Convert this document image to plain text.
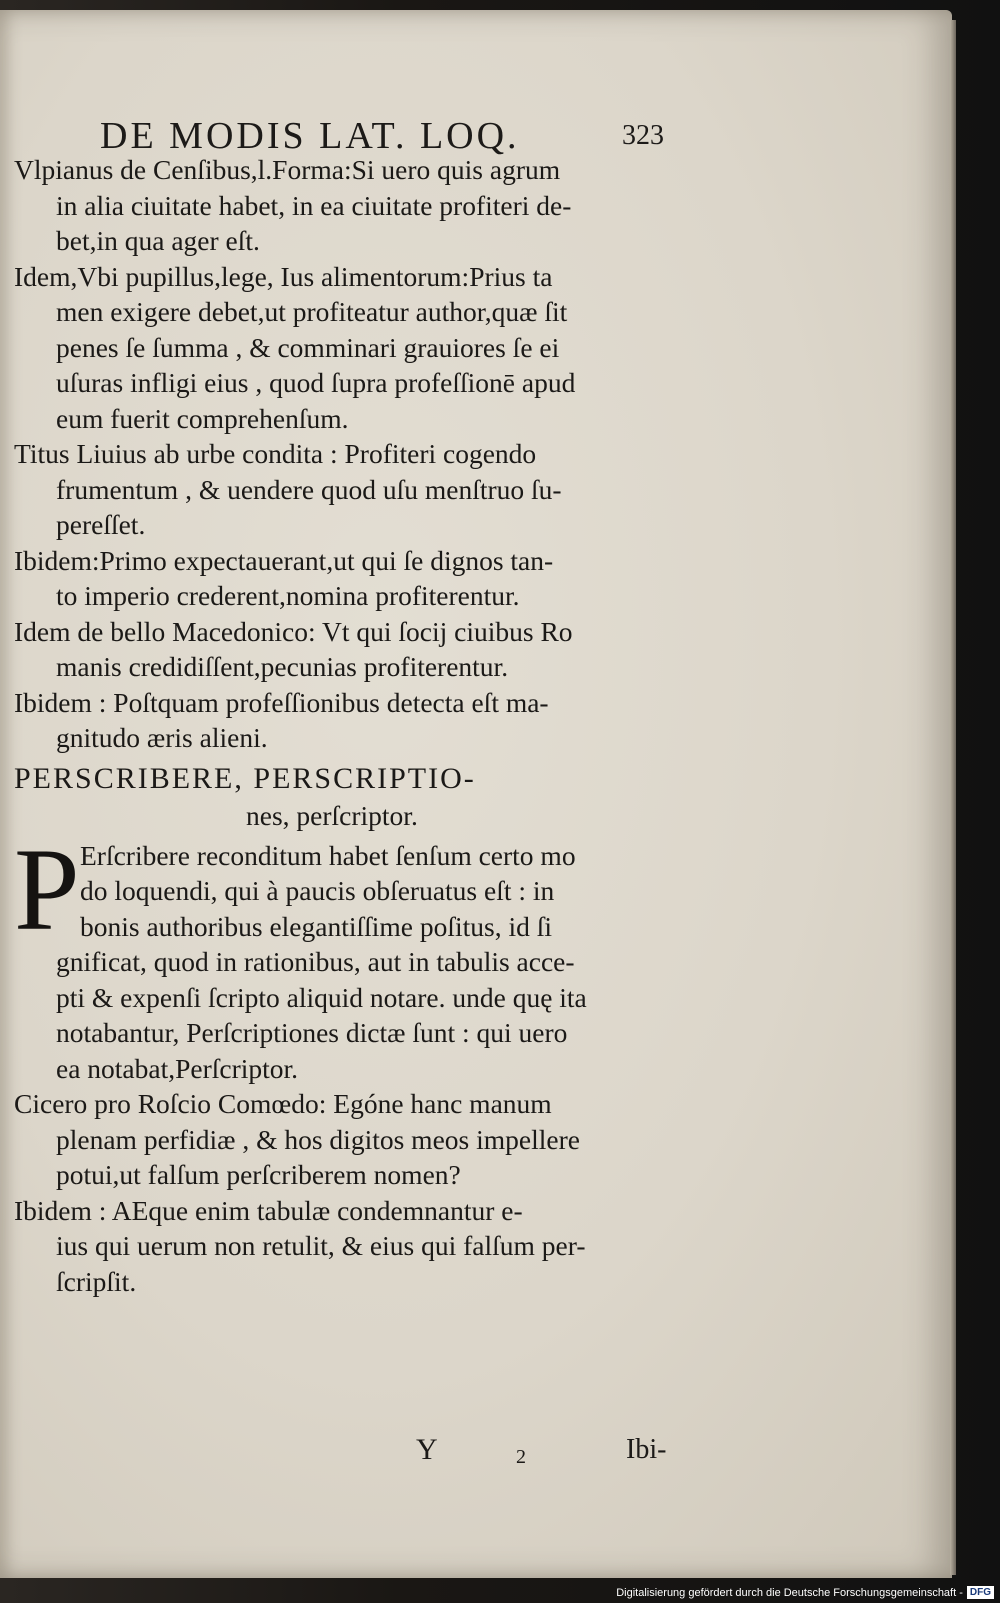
DE MODIS LAT. LOQ.	323

Vlpianus de Cenſibus,l.Forma:Si uero quis agrum
in alia ciuitate habet, in ea ciuitate profiteri de-
bet,in qua ager eſt.

Idem,Vbi pupillus,lege, Ius alimentorum:Prius ta
men exigere debet,ut profiteatur author,quæ ſit
penes ſe ſumma , & comminari grauiores ſe ei
uſuras infligi eius , quod ſupra profeſſionē apud
eum fuerit comprehenſum.

Titus Liuius ab urbe condita : Profiteri cogendo
frumentum , & uendere quod uſu menſtruo ſu-
pereſſet.

Ibidem:Primo expectauerant,ut qui ſe dignos tan-
to imperio crederent,nomina profiterentur.

Idem de bello Macedonico: Vt qui ſocij ciuibus Ro
manis credidiſſent,pecunias profiterentur.

Ibidem : Poſtquam profeſſionibus detecta eſt ma-
gnitudo æris alieni.

PERSCRIBERE, PERSCRIPTIO-

nes, perſcriptor.

P Erſcribere reconditum habet ſenſum certo mo
do loquendi, qui à paucis obſeruatus eſt : in
bonis authoribus elegantiſſime poſitus, id ſi

gnificat, quod in rationibus, aut in tabulis acce-
pti & expenſi ſcripto aliquid notare. unde quę ita
notabantur, Perſcriptiones dictæ ſunt : qui uero
ea notabat,Perſcriptor.

Cicero pro Roſcio Comœdo: Egóne hanc manum
plenam perfidiæ , & hos digitos meos impellere
potui,ut falſum perſcriberem nomen?

Ibidem : AEque enim tabulæ condemnantur e-
ius qui uerum non retulit, & eius qui falſum per-
ſcripſit.

Y	2	Ibi-
Digitalisierung gefördert durch die Deutsche Forschungsgemeinschaft - DFG
